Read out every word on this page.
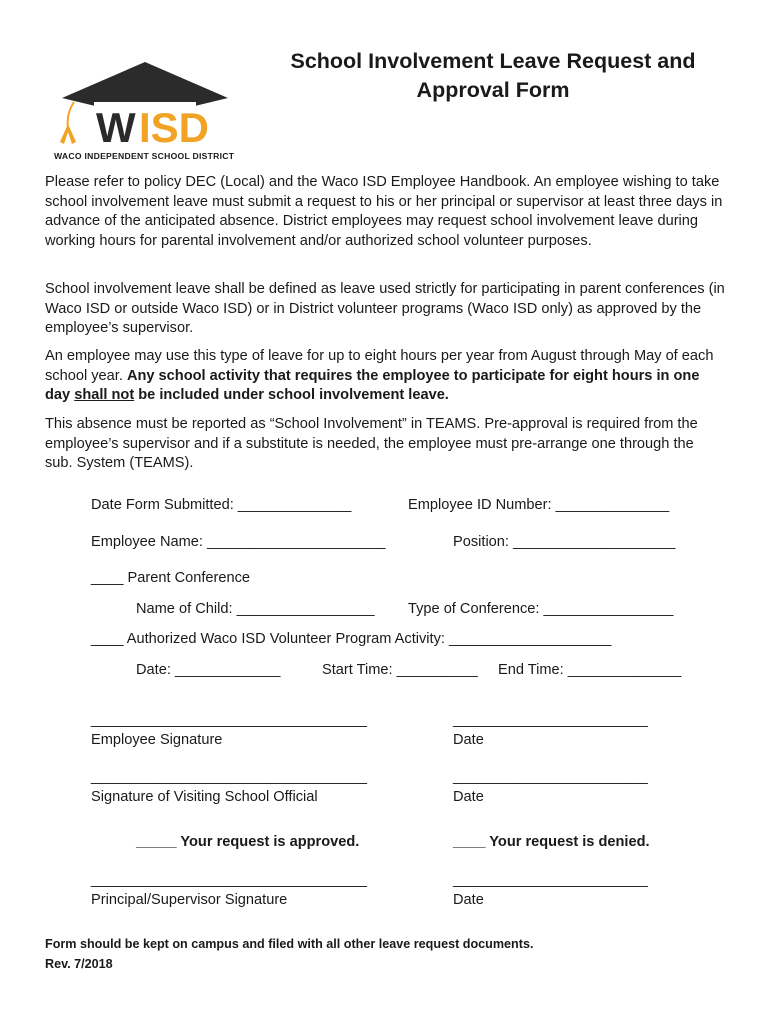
School Involvement Leave Request and
Approval Form
W ISD
WACO INDEPENDENT SCHOOL DISTRICT
Please refer to policy DEC (Local) and the Waco ISD Employee Handbook. An employee wishing to take school involvement leave must submit a request to his or her principal or supervisor at least three days in advance of the anticipated absence. District employees may request school involvement leave during working hours for parental involvement and/or authorized school volunteer purposes.
School involvement leave shall be defined as leave used strictly for participating in parent conferences (in Waco ISD or outside Waco ISD) or in District volunteer programs (Waco ISD only) as approved by the employee’s supervisor.
An employee may use this type of leave for up to eight hours per year from August through May of each school year. Any school activity that requires the employee to participate for eight hours in one day shall not be included under school involvement leave.
This absence must be reported as “School Involvement” in TEAMS. Pre-approval is required from the employee’s supervisor and if a substitute is needed, the employee must pre-arrange one through the sub. System (TEAMS).
Date Form Submitted: ______________	Employee ID Number: ______________
Employee Name: ______________________	Position: ____________________
____ Parent Conference
Name of Child: _________________ Type of Conference: ________________
____ Authorized Waco ISD Volunteer Program Activity: ____________________
Date: _____________	Start Time: __________ End Time: ______________
__________________________________	________________________
Employee Signature	Date
__________________________________	________________________
Signature of Visiting School Official	Date
_____ Your request is approved.	____ Your request is denied.
__________________________________	________________________
Principal/Supervisor Signature	Date
Form should be kept on campus and filed with all other leave request documents.
Rev. 7/2018
